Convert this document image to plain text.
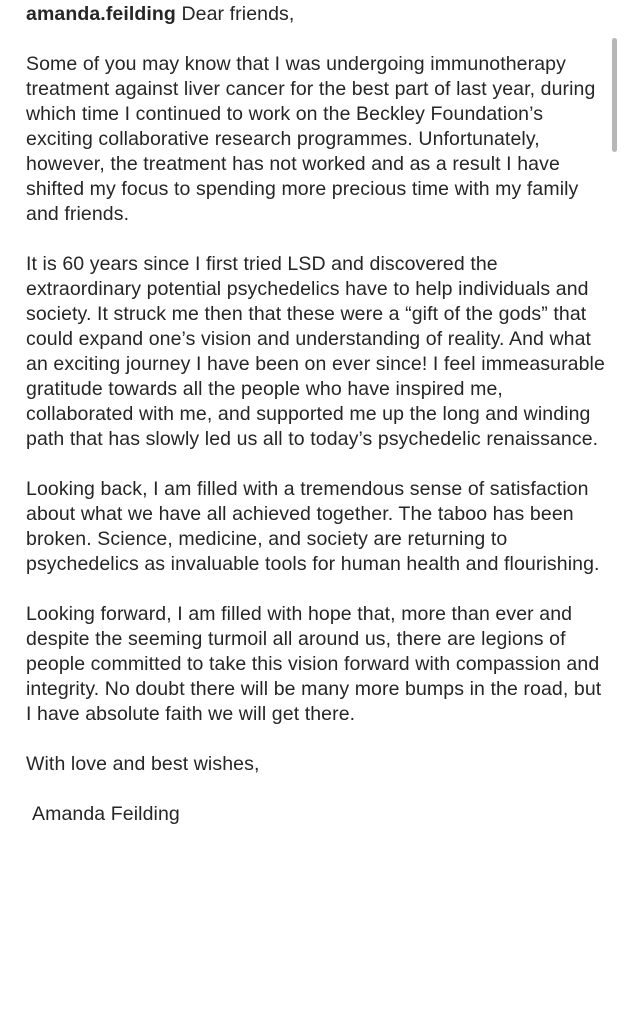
amanda.feilding Dear friends,

Some of you may know that I was undergoing immunotherapy treatment against liver cancer for the best part of last year, during which time I continued to work on the Beckley Foundation’s exciting collaborative research programmes. Unfortunately, however, the treatment has not worked and as a result I have shifted my focus to spending more precious time with my family and friends.

It is 60 years since I first tried LSD and discovered the extraordinary potential psychedelics have to help individuals and society. It struck me then that these were a “gift of the gods” that could expand one’s vision and understanding of reality. And what an exciting journey I have been on ever since! I feel immeasurable gratitude towards all the people who have inspired me, collaborated with me, and supported me up the long and winding path that has slowly led us all to today’s psychedelic renaissance.

Looking back, I am filled with a tremendous sense of satisfaction about what we have all achieved together. The taboo has been broken. Science, medicine, and society are returning to psychedelics as invaluable tools for human health and flourishing.

Looking forward, I am filled with hope that, more than ever and despite the seeming turmoil all around us, there are legions of people committed to take this vision forward with compassion and integrity. No doubt there will be many more bumps in the road, but I have absolute faith we will get there.

With love and best wishes,

Amanda Feilding
